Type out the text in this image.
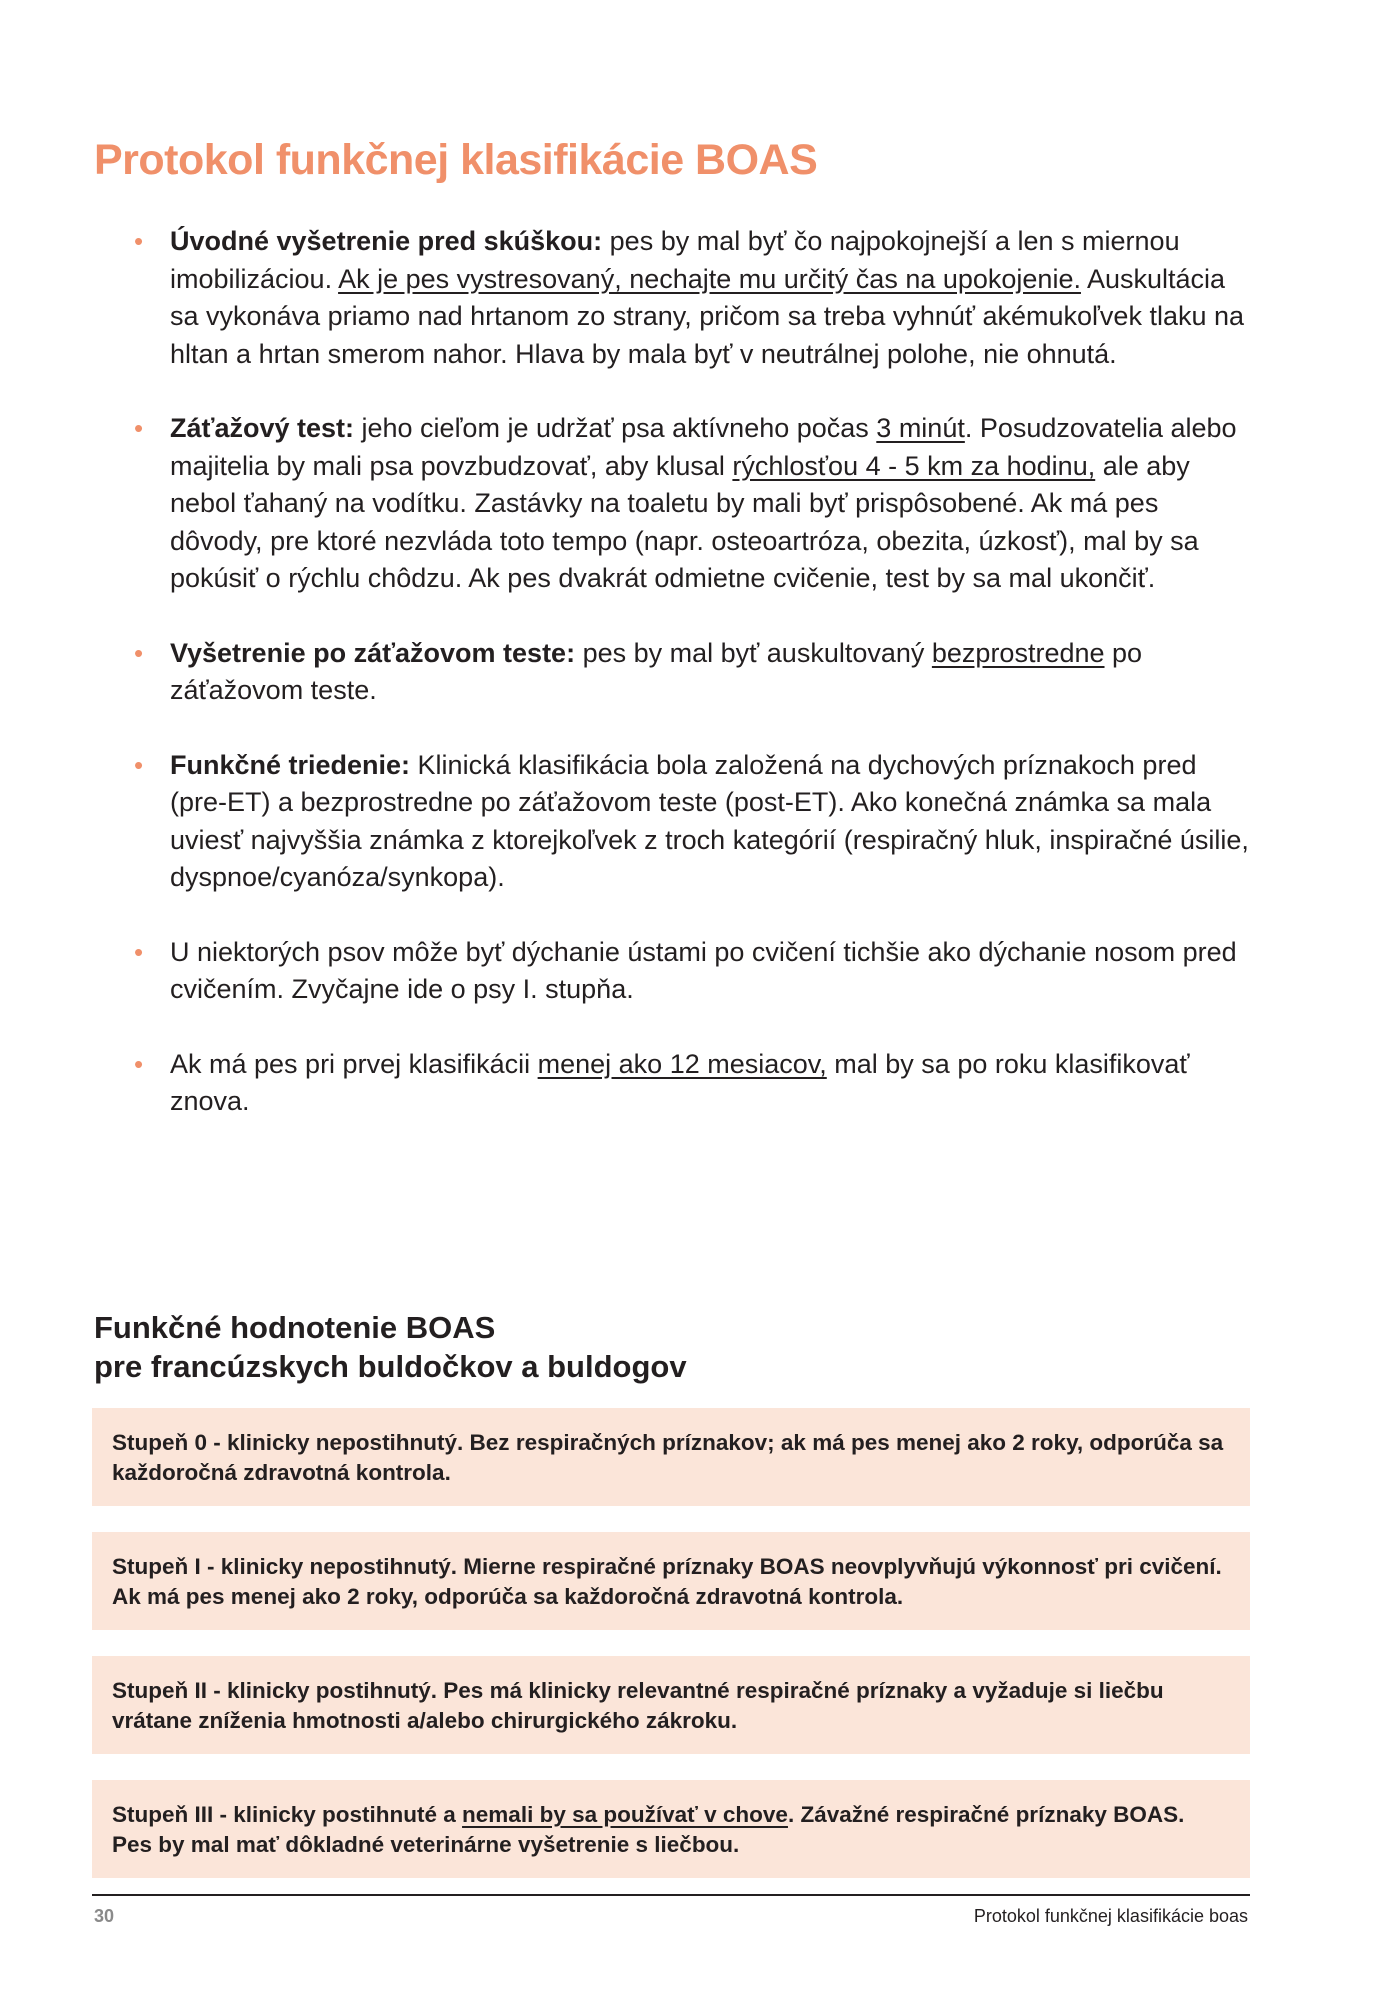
Protokol funkčnej klasifikácie BOAS
• Úvodné vyšetrenie pred skúškou: pes by mal byť čo najpokojnejší a len s miernou imobilizáciou. Ak je pes vystresovaný, nechajte mu určitý čas na upokojenie. Auskultácia sa vykonáva priamo nad hrtanom zo strany, pričom sa treba vyhnúť akémukoľvek tlaku na hltan a hrtan smerom nahor. Hlava by mala byť v neutrálnej polohe, nie ohnutá.
• Záťažový test: jeho cieľom je udržať psa aktívneho počas 3 minút. Posudzovatelia alebo majitelia by mali psa povzbudzovať, aby klusal rýchlosťou 4 - 5 km za hodinu, ale aby nebol ťahaný na vodítku. Zastávky na toaletu by mali byť prispôsobené. Ak má pes dôvody, pre ktoré nezvláda toto tempo (napr. osteoartróza, obezita, úzkosť), mal by sa pokúsiť o rýchlu chôdzu. Ak pes dvakrát odmietne cvičenie, test by sa mal ukončiť.
• Vyšetrenie po záťažovom teste: pes by mal byť auskultovaný bezprostredne po záťažovom teste.
• Funkčné triedenie: Klinická klasifikácia bola založená na dychových príznakoch pred (pre-ET) a bezprostredne po záťažovom teste (post-ET). Ako konečná známka sa mala uviesť najvyššia známka z ktorejkoľvek z troch kategórií (respiračný hluk, inspiračné úsilie, dyspnoe/cyanóza/synkopa).
• U niektorých psov môže byť dýchanie ústami po cvičení tichšie ako dýchanie nosom pred cvičením. Zvyčajne ide o psy I. stupňa.
• Ak má pes pri prvej klasifikácii menej ako 12 mesiacov, mal by sa po roku klasifikovať znova.
Funkčné hodnotenie BOAS
pre francúzskych buldočkov a buldogov
Stupeň 0 - klinicky nepostihnutý. Bez respiračných príznakov; ak má pes menej ako 2 roky, odporúča sa každoročná zdravotná kontrola.
Stupeň I - klinicky nepostihnutý. Mierne respiračné príznaky BOAS neovplyvňujú výkonnosť pri cvičení. Ak má pes menej ako 2 roky, odporúča sa každoročná zdravotná kontrola.
Stupeň II - klinicky postihnutý. Pes má klinicky relevantné respiračné príznaky a vyžaduje si liečbu vrátane zníženia hmotnosti a/alebo chirurgického zákroku.
Stupeň III - klinicky postihnuté a nemali by sa používať v chove. Závažné respiračné príznaky BOAS. Pes by mal mať dôkladné veterinárne vyšetrenie s liečbou.
30	Protokol funkčnej klasifikácie boas
